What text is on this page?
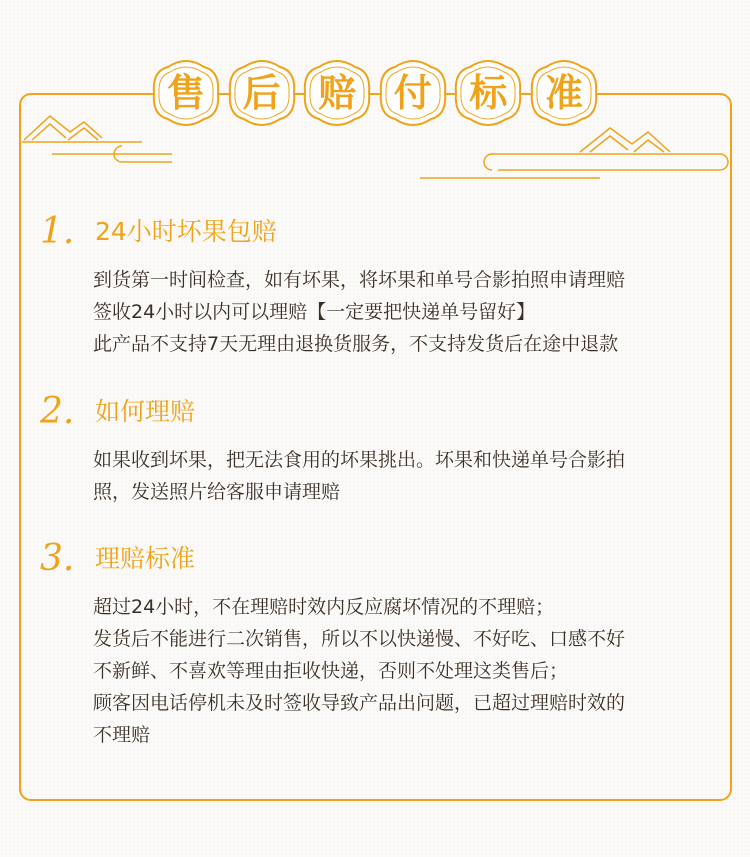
售 后 赔 付 标 准
1. 24小时坏果包赔

到货第一时间检查，如有坏果，将坏果和单号合影拍照申请理赔

签收24小时以内可以理赔【一定要把快递单号留好】

此产品不支持7天无理由退换货服务，不支持发货后在途中退款

2. 如何理赔

如果收到坏果，把无法食用的坏果挑出。坏果和快递单号合影拍

照，发送照片给客服申请理赔

3. 理赔标准

超过24小时，不在理赔时效内反应腐坏情况的不理赔；

发货后不能进行二次销售，所以不以快递慢、不好吃、口感不好

不新鲜、不喜欢等理由拒收快递，否则不处理这类售后；

顾客因电话停机未及时签收导致产品出问题，已超过理赔时效的

不理赔
